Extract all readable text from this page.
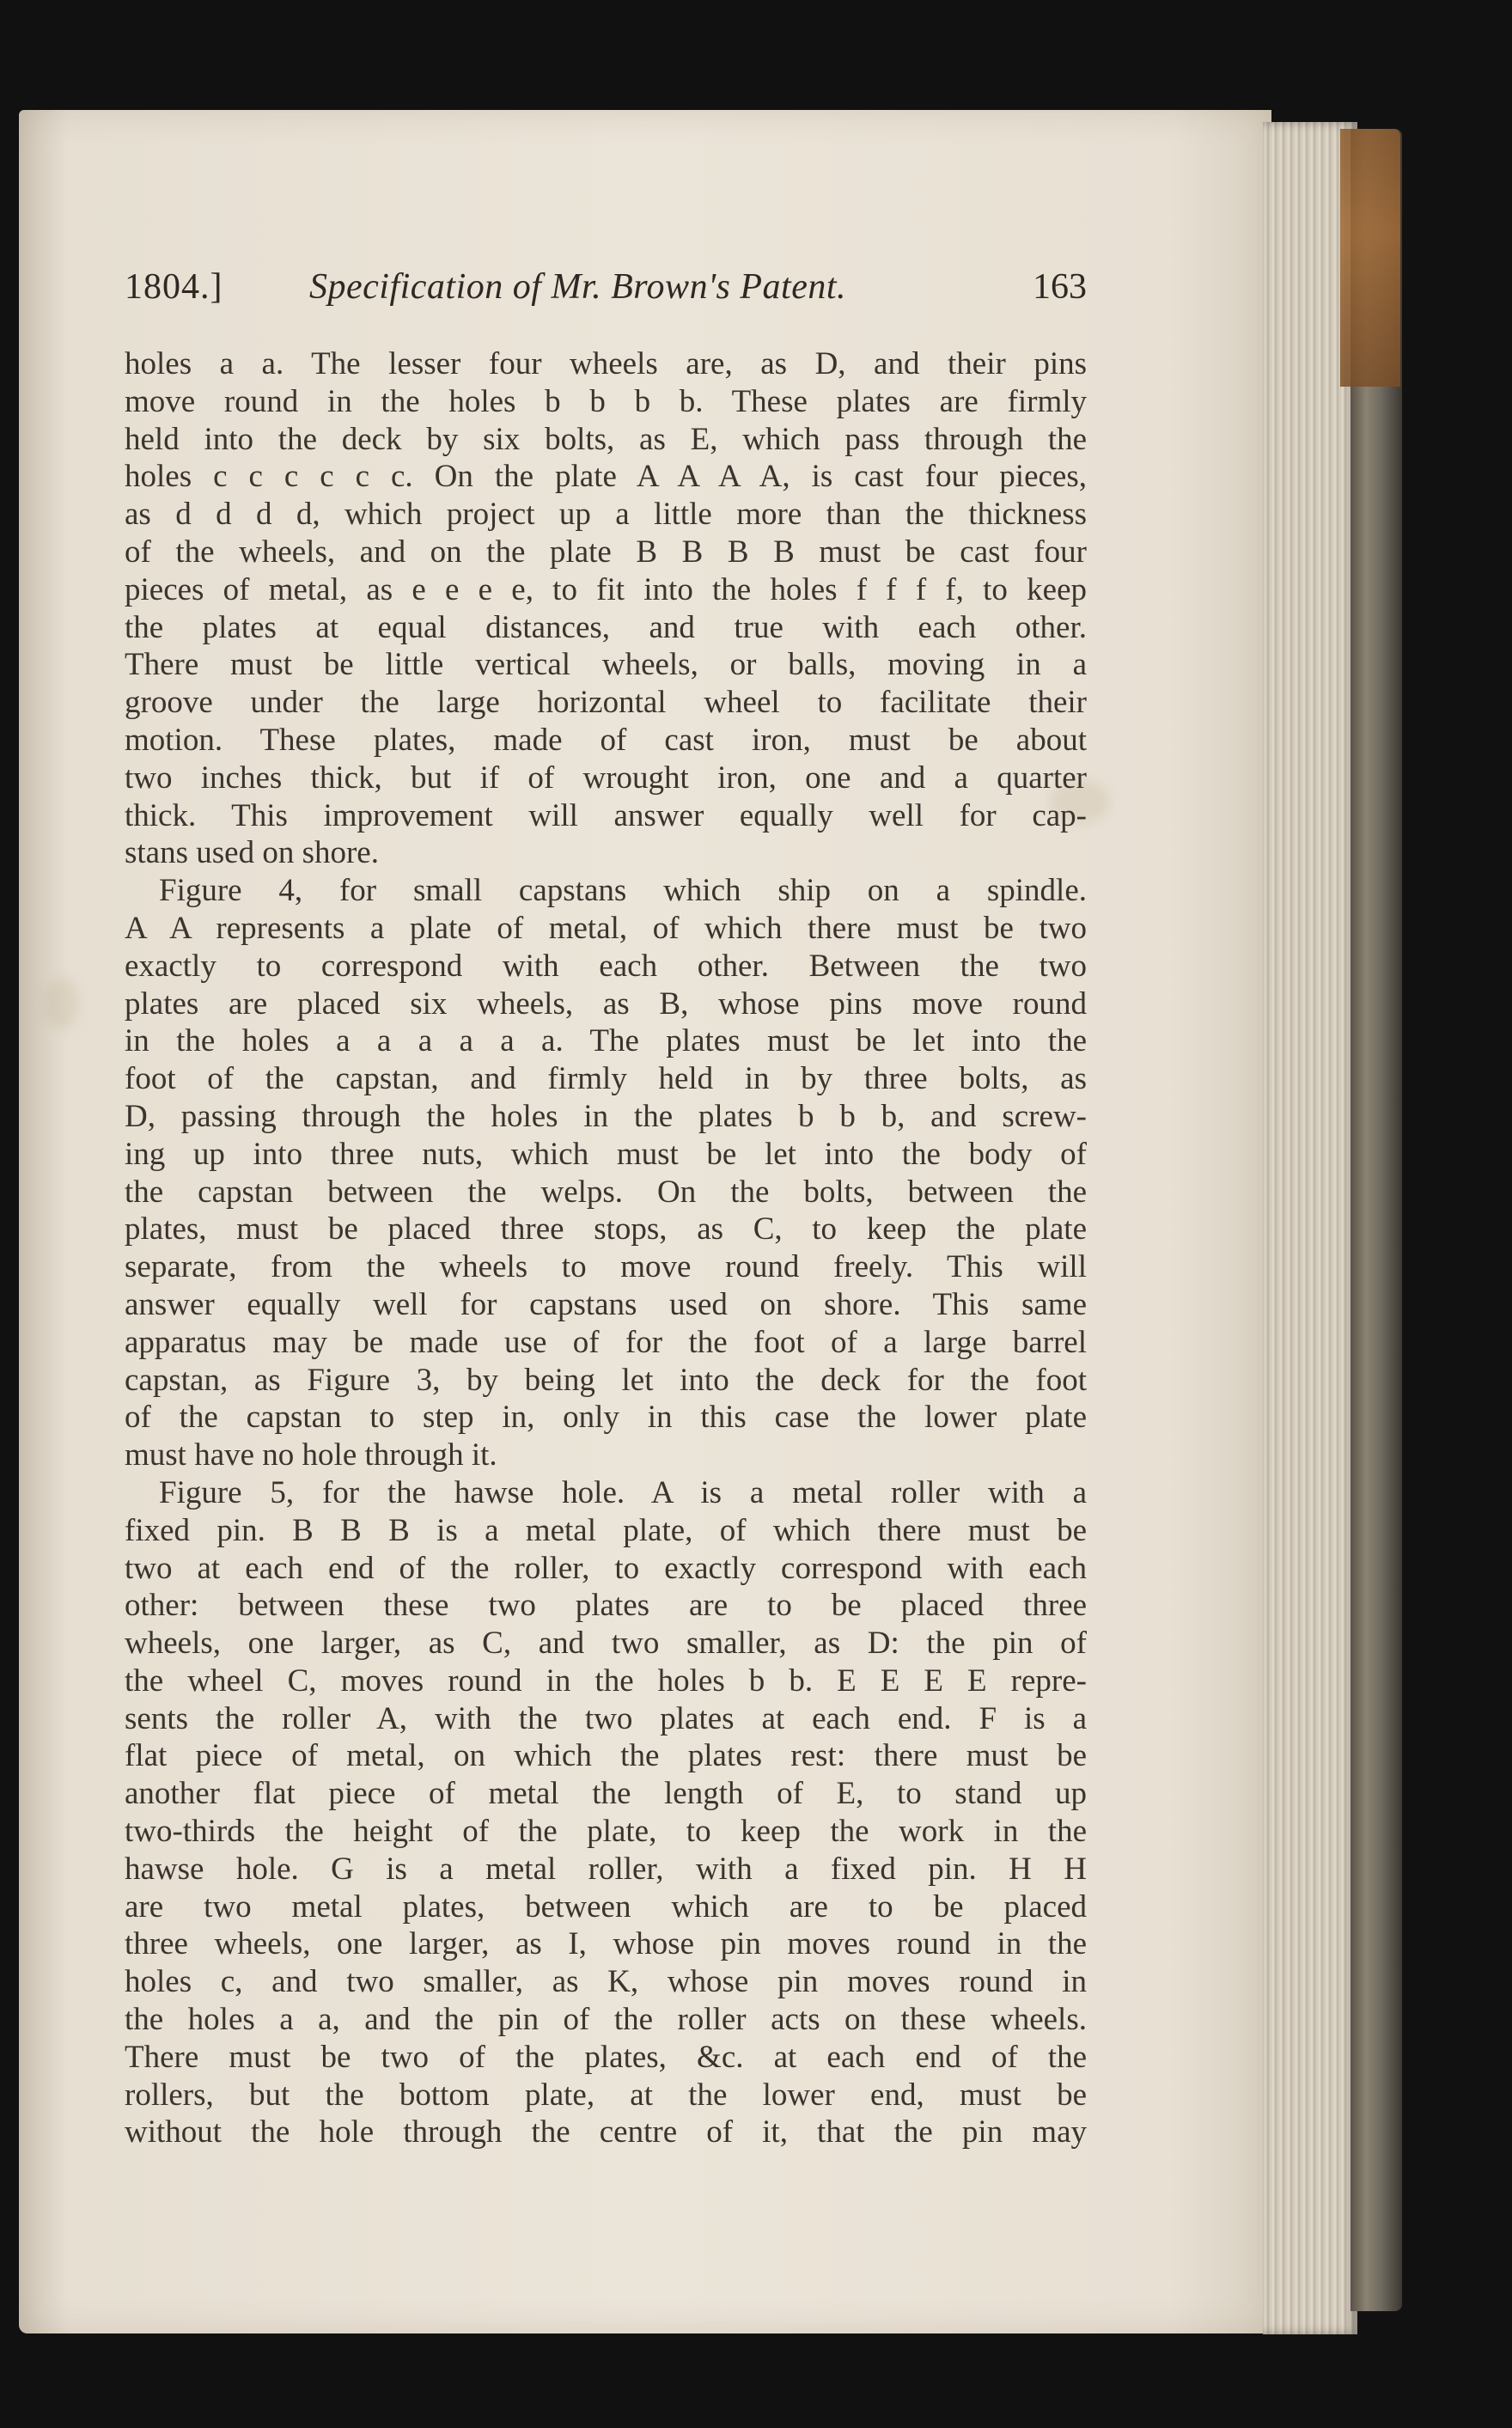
1804.] Specification of Mr. Brown's Patent.	163
holes a a. The lesser four wheels are, as D, and their pins
move round in the holes b b b b. These plates are firmly
held into the deck by six bolts, as E, which pass through the
holes c c c c c c. On the plate A A A A, is cast four pieces,
as d d d d, which project up a little more than the thickness
of the wheels, and on the plate B B B B must be cast four
pieces of metal, as e e e e, to fit into the holes f f f f, to keep
the plates at equal distances, and true with each other.
There must be little vertical wheels, or balls, moving in a
groove under the large horizontal wheel to facilitate their
motion. These plates, made of cast iron, must be about
two inches thick, but if of wrought iron, one and a quarter
thick. This improvement will answer equally well for cap-
stans used on shore.
Figure 4, for small capstans which ship on a spindle.
A A represents a plate of metal, of which there must be two
exactly to correspond with each other. Between the two
plates are placed six wheels, as B, whose pins move round
in the holes a a a a a a. The plates must be let into the
foot of the capstan, and firmly held in by three bolts, as
D, passing through the holes in the plates b b b, and screw-
ing up into three nuts, which must be let into the body of
the capstan between the welps. On the bolts, between the
plates, must be placed three stops, as C, to keep the plate
separate, from the wheels to move round freely. This will
answer equally well for capstans used on shore. This same
apparatus may be made use of for the foot of a large barrel
capstan, as Figure 3, by being let into the deck for the foot
of the capstan to step in, only in this case the lower plate
must have no hole through it.
Figure 5, for the hawse hole. A is a metal roller with a
fixed pin. B B B is a metal plate, of which there must be
two at each end of the roller, to exactly correspond with each
other: between these two plates are to be placed three
wheels, one larger, as C, and two smaller, as D: the pin of
the wheel C, moves round in the holes b b. E E E E repre-
sents the roller A, with the two plates at each end. F is a
flat piece of metal, on which the plates rest: there must be
another flat piece of metal the length of E, to stand up
two-thirds the height of the plate, to keep the work in the
hawse hole. G is a metal roller, with a fixed pin. H H
are two metal plates, between which are to be placed
three wheels, one larger, as I, whose pin moves round in the
holes c, and two smaller, as K, whose pin moves round in
the holes a a, and the pin of the roller acts on these wheels.
There must be two of the plates, &c. at each end of the
rollers, but the bottom plate, at the lower end, must be
without the hole through the centre of it, that the pin may
